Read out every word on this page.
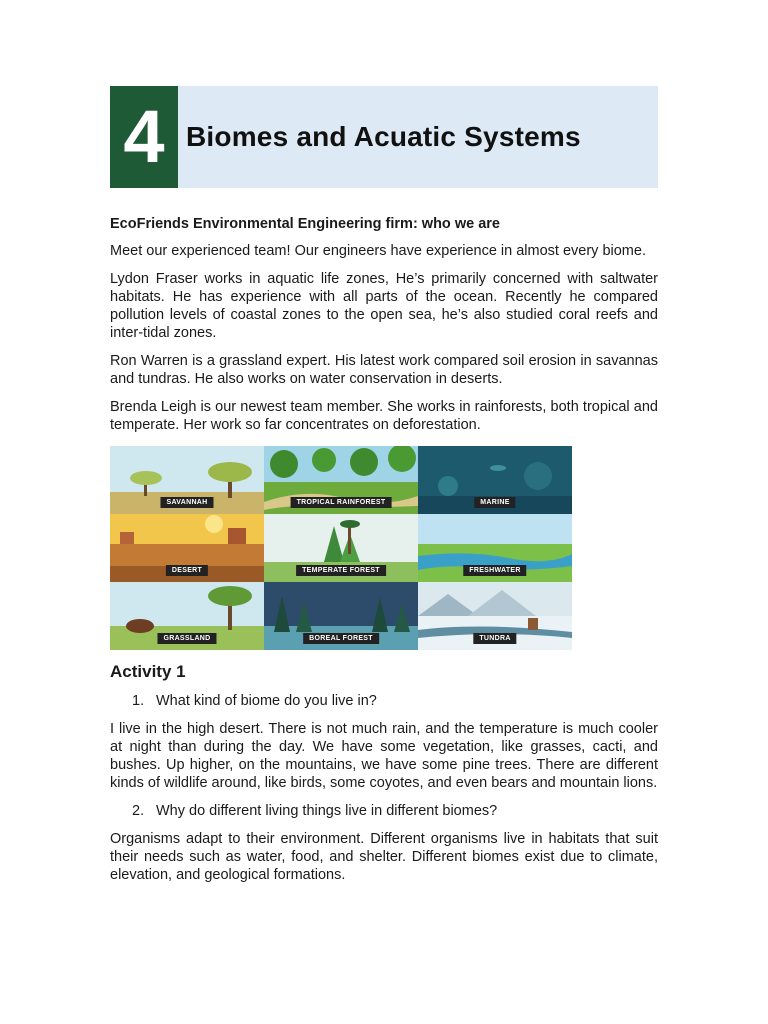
4 Biomes and Acuatic Systems
EcoFriends Environmental Engineering firm: who we are

Meet our experienced team! Our engineers have experience in almost every biome.

Lydon Fraser works in aquatic life zones, He’s primarily concerned with saltwater habitats. He has experience with all parts of the ocean. Recently he compared pollution levels of coastal zones to the open sea, he’s also studied coral reefs and inter-tidal zones.

Ron Warren is a grassland expert. His latest work compared soil erosion in savannas and tundras. He also works on water conservation in deserts.

Brenda Leigh is our newest team member. She works in rainforests, both tropical and temperate. Her work so far concentrates on deforestation.

SAVANNAH	TROPICAL RAINFOREST	MARINE
DESERT	TEMPERATE FOREST	FRESHWATER
GRASSLAND	BOREAL FOREST	TUNDRA
Activity 1
1. What kind of biome do you live in?

I live in the high desert. There is not much rain, and the temperature is much cooler at night than during the day. We have some vegetation, like grasses, cacti, and bushes. Up higher, on the mountains, we have some pine trees. There are different kinds of wildlife around, like birds, some coyotes, and even bears and mountain lions.

2. Why do different living things live in different biomes?

Organisms adapt to their environment. Different organisms live in habitats that suit their needs such as water, food, and shelter. Different biomes exist due to climate, elevation, and geological formations.
